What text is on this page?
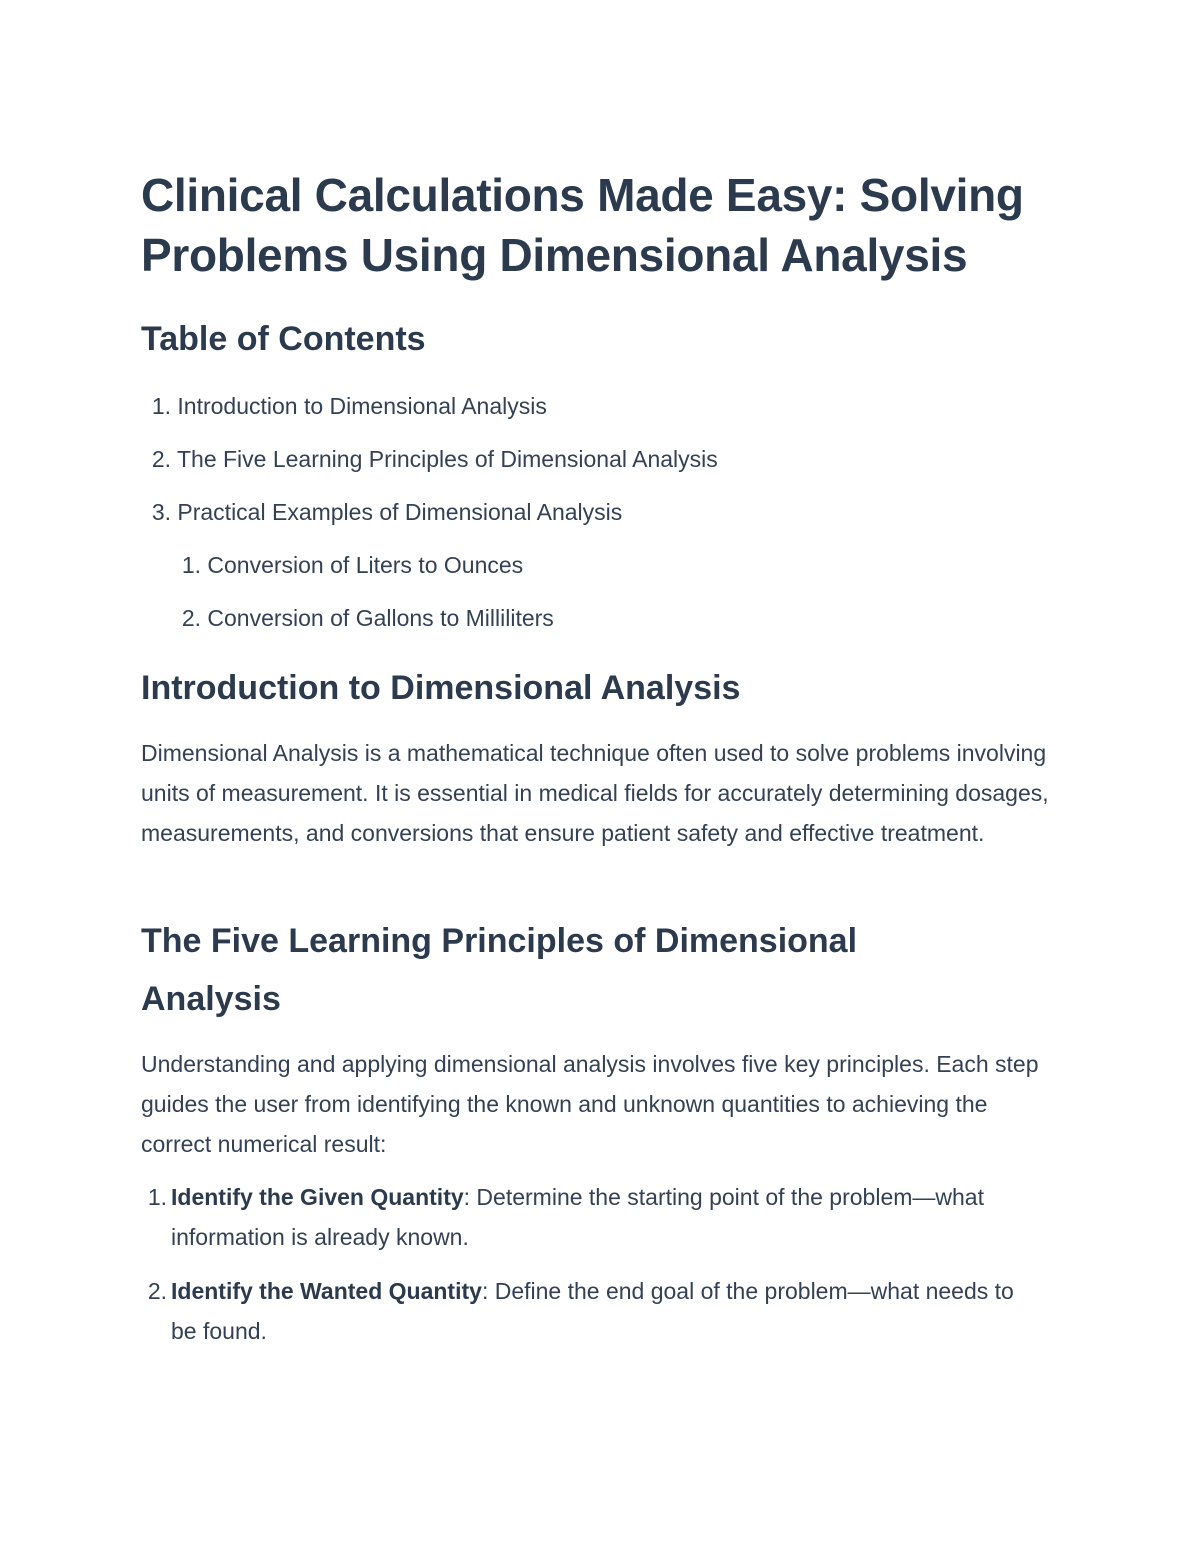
Clinical Calculations Made Easy: Solving Problems Using Dimensional Analysis
Table of Contents
1. Introduction to Dimensional Analysis
2. The Five Learning Principles of Dimensional Analysis
3. Practical Examples of Dimensional Analysis
1. Conversion of Liters to Ounces
2. Conversion of Gallons to Milliliters
Introduction to Dimensional Analysis

Dimensional Analysis is a mathematical technique often used to solve problems involving units of measurement. It is essential in medical fields for accurately determining dosages, measurements, and conversions that ensure patient safety and effective treatment.

The Five Learning Principles of Dimensional Analysis

Understanding and applying dimensional analysis involves five key principles. Each step guides the user from identifying the known and unknown quantities to achieving the correct numerical result:

1. Identify the Given Quantity: Determine the starting point of the problem—what information is already known.
2. Identify the Wanted Quantity: Define the end goal of the problem—what needs to be found.
